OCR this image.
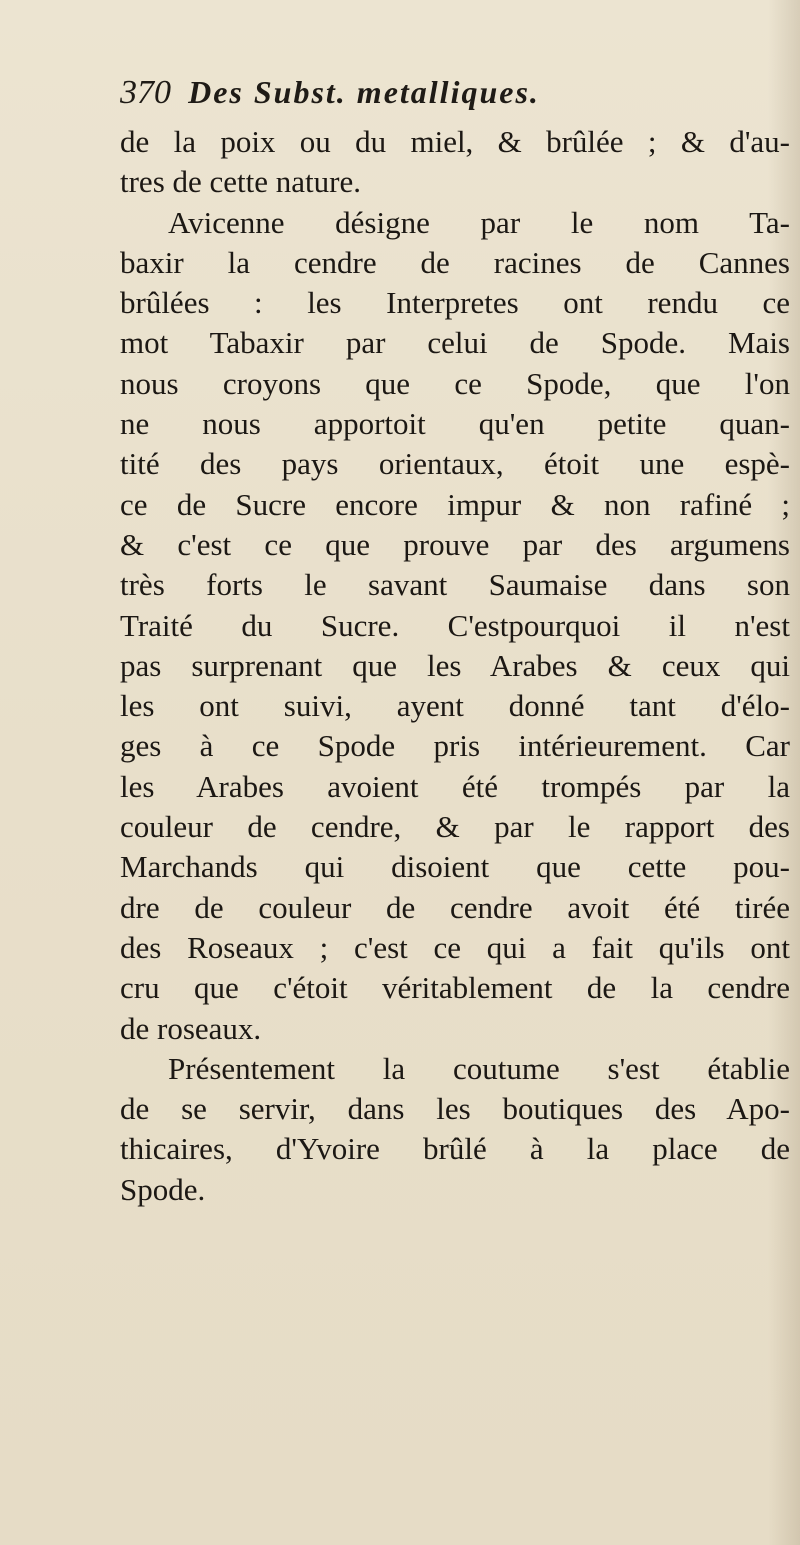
370 Des Subst. metalliques.
de la poix ou du miel, & brûlée ; & d'au-
tres de cette nature.
Avicenne désigne par le nom Ta-
baxir la cendre de racines de Cannes
brûlées : les Interpretes ont rendu ce
mot Tabaxir par celui de Spode. Mais
nous croyons que ce Spode, que l'on
ne nous apportoit qu'en petite quan-
tité des pays orientaux, étoit une espè-
ce de Sucre encore impur & non rafiné ;
& c'est ce que prouve par des argumens
très forts le savant Saumaise dans son
Traité du Sucre. C'estpourquoi il n'est
pas surprenant que les Arabes & ceux qui
les ont suivi, ayent donné tant d'élo-
ges à ce Spode pris intérieurement. Car
les Arabes avoient été trompés par la
couleur de cendre, & par le rapport des
Marchands qui disoient que cette pou-
dre de couleur de cendre avoit été tirée
des Roseaux ; c'est ce qui a fait qu'ils ont
cru que c'étoit véritablement de la cendre
de roseaux.
Présentement la coutume s'est établie
de se servir, dans les boutiques des Apo-
thicaires, d'Yvoire brûlé à la place de
Spode.
